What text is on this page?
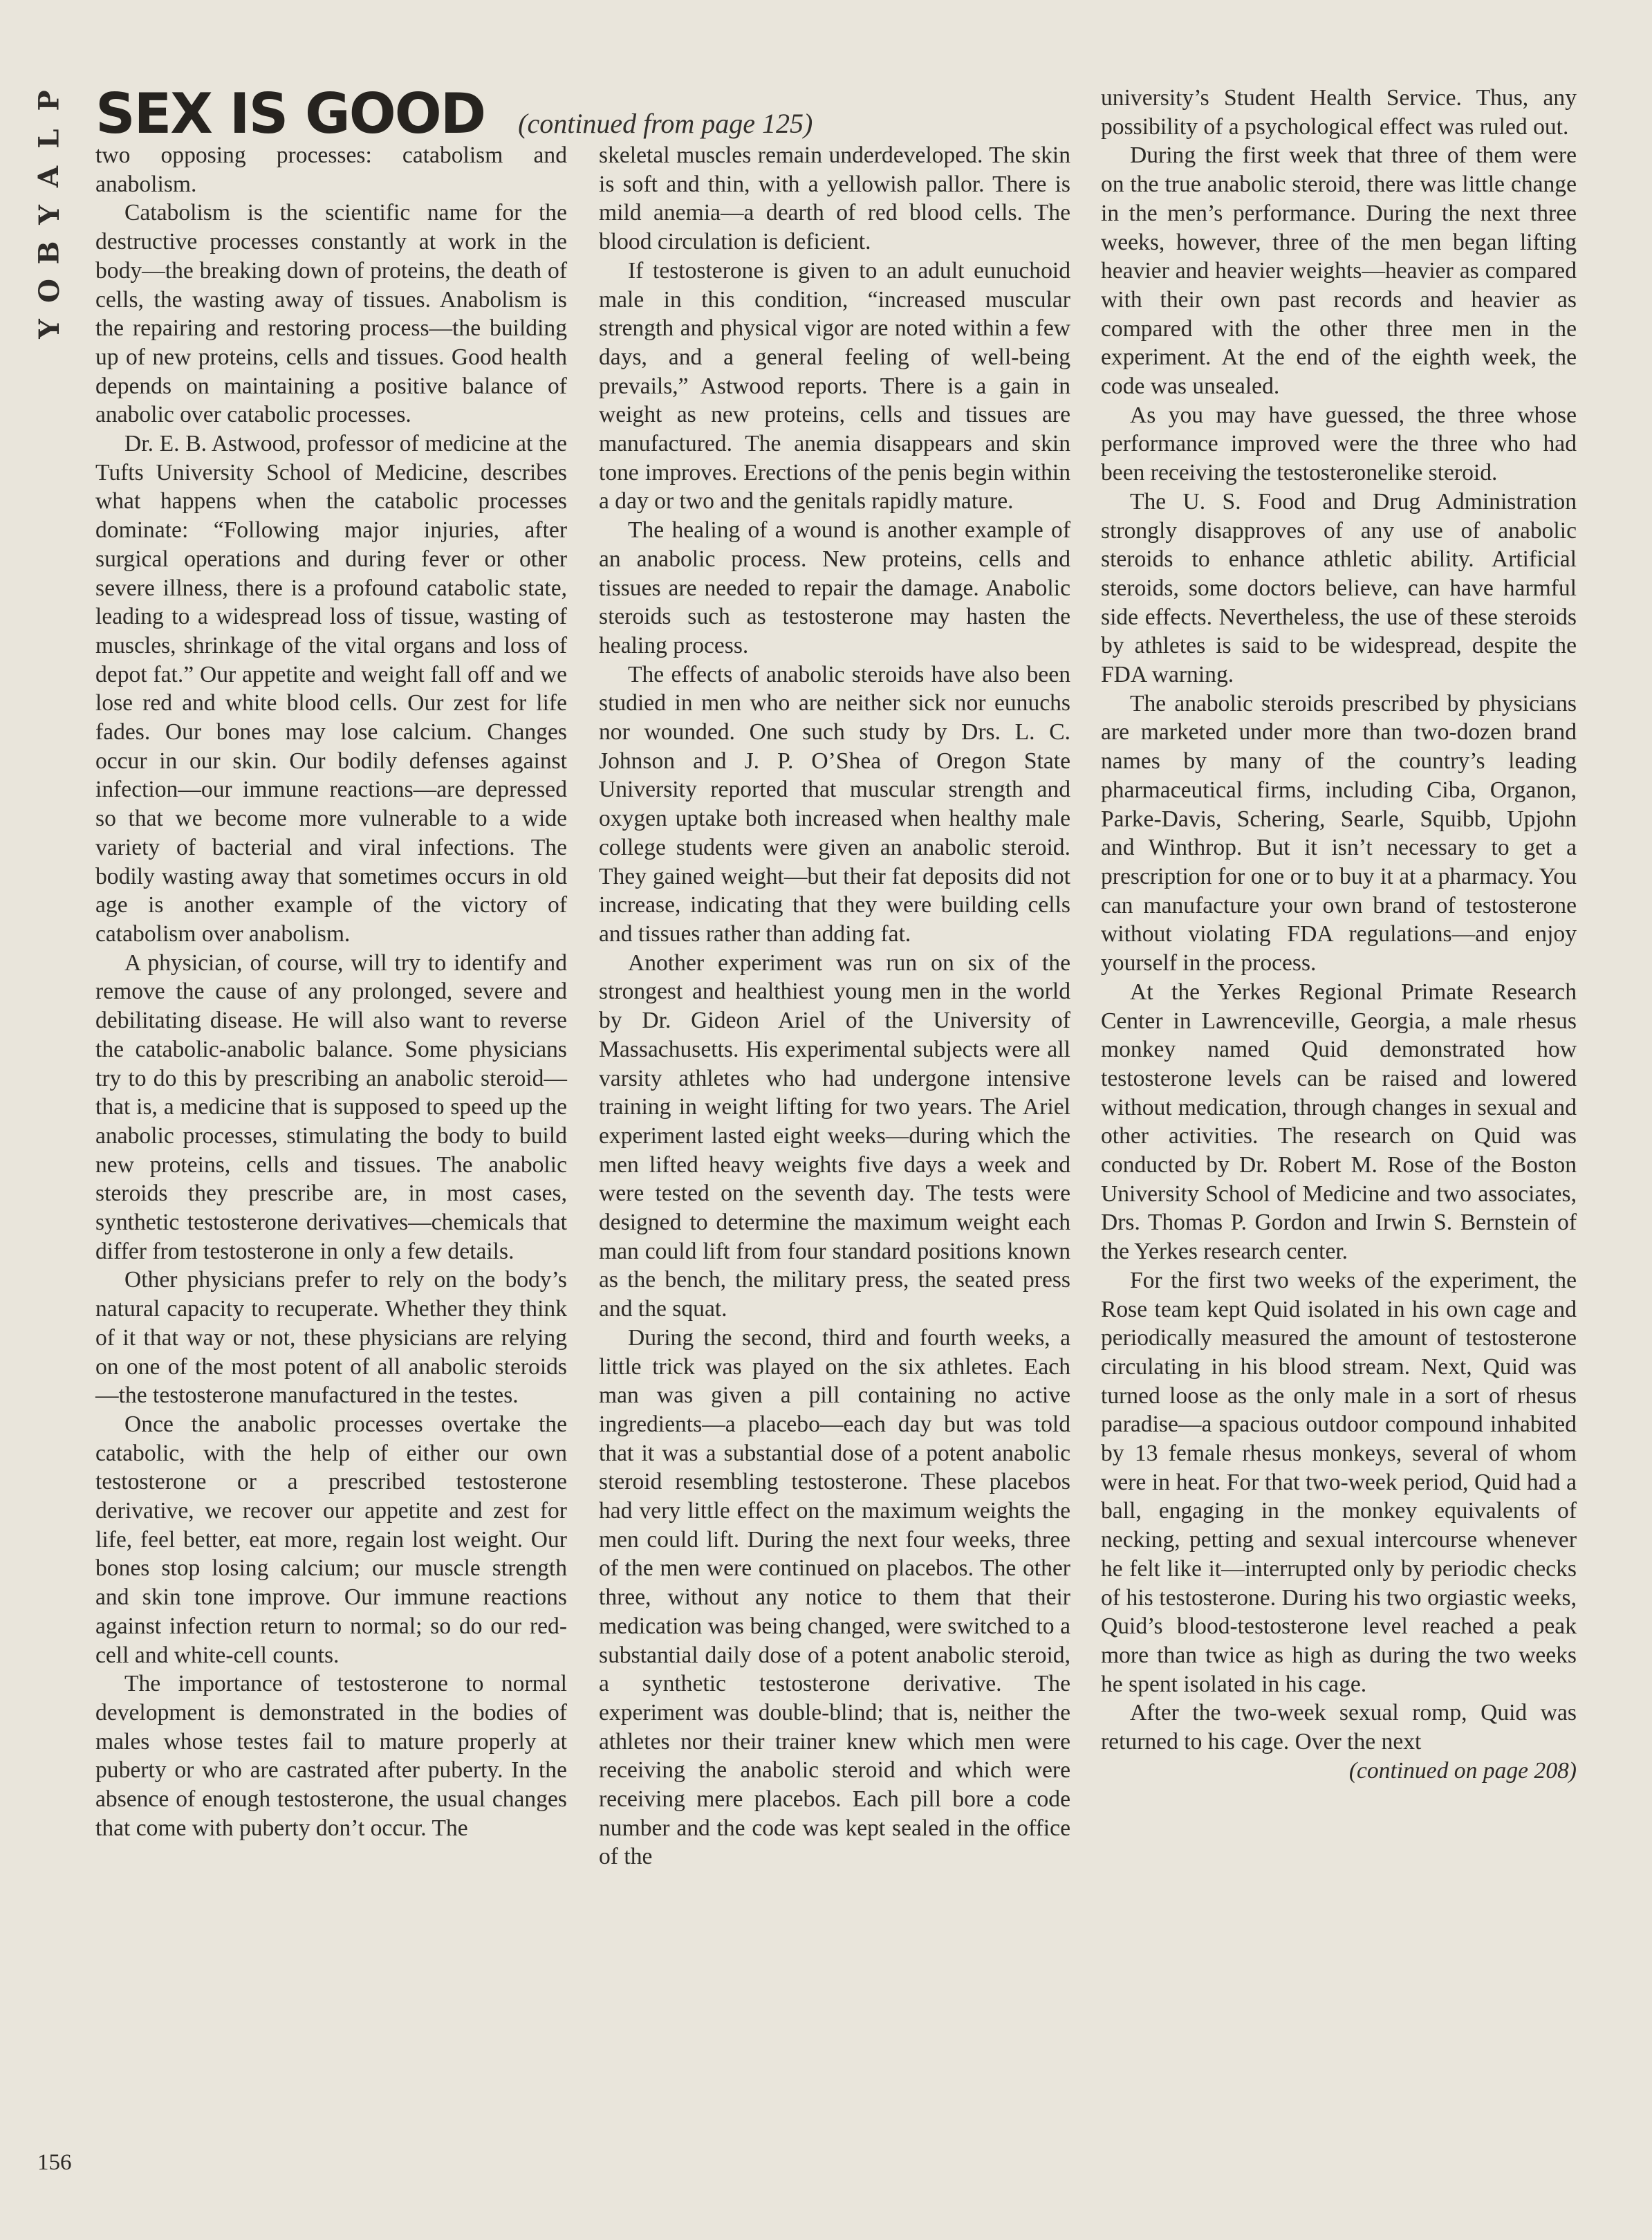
P
L
A
Y
B
O
Y
SEX IS GOOD (continued from page 125)

two opposing processes: catabolism and anabolism.

Catabolism is the scientific name for the destructive processes constantly at work in the body—the breaking down of proteins, the death of cells, the wasting away of tissues. Anabolism is the repairing and restoring process—the building up of new proteins, cells and tissues. Good health depends on maintaining a positive balance of anabolic over catabolic processes.

Dr. E. B. Astwood, professor of medicine at the Tufts University School of Medicine, describes what happens when the catabolic processes dominate: “Following major injuries, after surgical operations and during fever or other severe illness, there is a profound catabolic state, leading to a widespread loss of tissue, wasting of muscles, shrinkage of the vital organs and loss of depot fat.” Our appetite and weight fall off and we lose red and white blood cells. Our zest for life fades. Our bones may lose calcium. Changes occur in our skin. Our bodily defenses against infection—our immune reactions—are depressed so that we become more vulnerable to a wide variety of bacterial and viral infections. The bodily wasting away that sometimes occurs in old age is another example of the victory of catabolism over anabolism.

A physician, of course, will try to identify and remove the cause of any prolonged, severe and debilitating disease. He will also want to reverse the catabolic-anabolic balance. Some physicians try to do this by prescribing an anabolic steroid—that is, a medicine that is supposed to speed up the anabolic processes, stimulating the body to build new proteins, cells and tissues. The anabolic steroids they prescribe are, in most cases, synthetic testosterone derivatives—chemicals that differ from testosterone in only a few details.

Other physicians prefer to rely on the body’s natural capacity to recuperate. Whether they think of it that way or not, these physicians are relying on one of the most potent of all anabolic steroids—the testosterone manufactured in the testes.

Once the anabolic processes overtake the catabolic, with the help of either our own testosterone or a prescribed testosterone derivative, we recover our appetite and zest for life, feel better, eat more, regain lost weight. Our bones stop losing calcium; our muscle strength and skin tone improve. Our immune reactions against infection return to normal; so do our red-cell and white-cell counts.

The importance of testosterone to normal development is demonstrated in the bodies of males whose testes fail to mature properly at puberty or who are castrated after puberty. In the absence of enough testosterone, the usual changes that come with puberty don’t occur. The

skeletal muscles remain underdeveloped. The skin is soft and thin, with a yellowish pallor. There is mild anemia—a dearth of red blood cells. The blood circulation is deficient.

If testosterone is given to an adult eunuchoid male in this condition, “increased muscular strength and physical vigor are noted within a few days, and a general feeling of well-being prevails,” Astwood reports. There is a gain in weight as new proteins, cells and tissues are manufactured. The anemia disappears and skin tone improves. Erections of the penis begin within a day or two and the genitals rapidly mature.

The healing of a wound is another example of an anabolic process. New proteins, cells and tissues are needed to repair the damage. Anabolic steroids such as testosterone may hasten the healing process.

The effects of anabolic steroids have also been studied in men who are neither sick nor eunuchs nor wounded. One such study by Drs. L. C. Johnson and J. P. O’Shea of Oregon State University reported that muscular strength and oxygen uptake both increased when healthy male college students were given an anabolic steroid. They gained weight—but their fat deposits did not increase, indicating that they were building cells and tissues rather than adding fat.

Another experiment was run on six of the strongest and healthiest young men in the world by Dr. Gideon Ariel of the University of Massachusetts. His experimental subjects were all varsity athletes who had undergone intensive training in weight lifting for two years. The Ariel experiment lasted eight weeks—during which the men lifted heavy weights five days a week and were tested on the seventh day. The tests were designed to determine the maximum weight each man could lift from four standard positions known as the bench, the military press, the seated press and the squat.

During the second, third and fourth weeks, a little trick was played on the six athletes. Each man was given a pill containing no active ingredients—a placebo—each day but was told that it was a substantial dose of a potent anabolic steroid resembling testosterone. These placebos had very little effect on the maximum weights the men could lift. During the next four weeks, three of the men were continued on placebos. The other three, without any notice to them that their medication was being changed, were switched to a substantial daily dose of a potent anabolic steroid, a synthetic testosterone derivative. The experiment was double-blind; that is, neither the athletes nor their trainer knew which men were receiving the anabolic steroid and which were receiving mere placebos. Each pill bore a code number and the code was kept sealed in the office of the

university’s Student Health Service. Thus, any possibility of a psychological effect was ruled out.

During the first week that three of them were on the true anabolic steroid, there was little change in the men’s performance. During the next three weeks, however, three of the men began lifting heavier and heavier weights—heavier as compared with their own past records and heavier as compared with the other three men in the experiment. At the end of the eighth week, the code was unsealed.

As you may have guessed, the three whose performance improved were the three who had been receiving the testosteronelike steroid.

The U. S. Food and Drug Administration strongly disapproves of any use of anabolic steroids to enhance athletic ability. Artificial steroids, some doctors believe, can have harmful side effects. Nevertheless, the use of these steroids by athletes is said to be widespread, despite the FDA warning.

The anabolic steroids prescribed by physicians are marketed under more than two-dozen brand names by many of the country’s leading pharmaceutical firms, including Ciba, Organon, Parke-Davis, Schering, Searle, Squibb, Upjohn and Winthrop. But it isn’t necessary to get a prescription for one or to buy it at a pharmacy. You can manufacture your own brand of testosterone without violating FDA regulations—and enjoy yourself in the process.

At the Yerkes Regional Primate Research Center in Lawrenceville, Georgia, a male rhesus monkey named Quid demonstrated how testosterone levels can be raised and lowered without medication, through changes in sexual and other activities. The research on Quid was conducted by Dr. Robert M. Rose of the Boston University School of Medicine and two associates, Drs. Thomas P. Gordon and Irwin S. Bernstein of the Yerkes research center.

For the first two weeks of the experiment, the Rose team kept Quid isolated in his own cage and periodically measured the amount of testosterone circulating in his blood stream. Next, Quid was turned loose as the only male in a sort of rhesus paradise—a spacious outdoor compound inhabited by 13 female rhesus monkeys, several of whom were in heat. For that two-week period, Quid had a ball, engaging in the monkey equivalents of necking, petting and sexual intercourse whenever he felt like it—interrupted only by periodic checks of his testosterone. During his two orgiastic weeks, Quid’s blood-testosterone level reached a peak more than twice as high as during the two weeks he spent isolated in his cage.

After the two-week sexual romp, Quid was returned to his cage. Over the next

(continued on page 208)

156
